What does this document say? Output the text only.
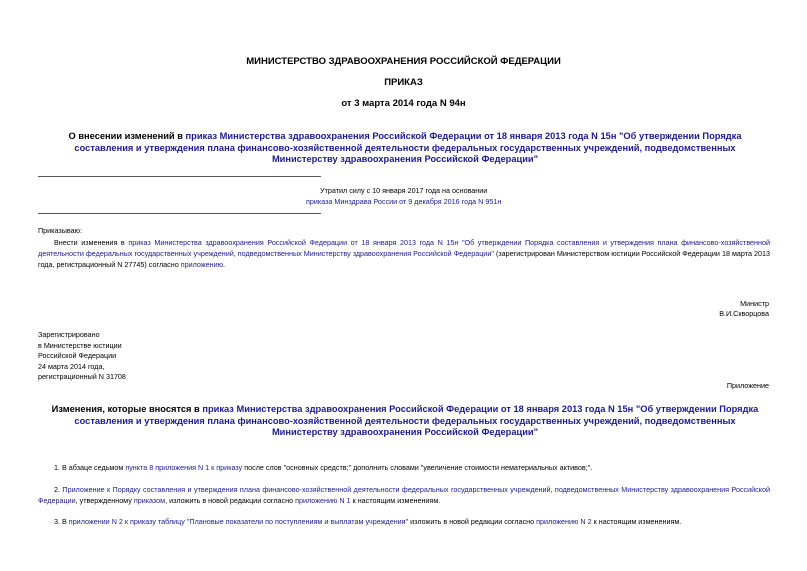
МИНИСТЕРСТВО ЗДРАВООХРАНЕНИЯ РОССИЙСКОЙ ФЕДЕРАЦИИ
ПРИКАЗ
от 3 марта 2014 года N 94н
О внесении изменений в приказ Министерства здравоохранения Российской Федерации от 18 января 2013 года N 15н "Об утверждении Порядка составления и утверждения плана финансово-хозяйственной деятельности федеральных государственных учреждений, подведомственных Министерству здравоохранения Российской Федерации"
Утратил силу с 10 января 2017 года на основании
приказа Минздрава России от 9 декабря 2016 года N 951н
Приказываю:
Внести изменения в приказ Министерства здравоохранения Российской Федерации от 18 января 2013 года N 15н "Об утверждении Порядка составления и утверждения плана финансово-хозяйственной деятельности федеральных государственных учреждений, подведомственных Министерству здравоохранения Российской Федерации" (зарегистрирован Министерством юстиции Российской Федерации 18 марта 2013 года, регистрационный N 27745) согласно приложению.
Министр
В.И.Скворцова
Зарегистрировано
в Министерстве юстиции
Российской Федерации
24 марта 2014 года,
регистрационный N 31708
Приложение
Изменения, которые вносятся в приказ Министерства здравоохранения Российской Федерации от 18 января 2013 года N 15н "Об утверждении Порядка составления и утверждения плана финансово-хозяйственной деятельности федеральных государственных учреждений, подведомственных Министерству здравоохранения Российской Федерации"
1. В абзаце седьмом пункта 8 приложения N 1 к приказу после слов "основных средств;" дополнить словами "увеличение стоимости нематериальных активов;".
2. Приложение к Порядку составления и утверждения плана финансово-хозяйственной деятельности федеральных государственных учреждений, подведомственных Министерству здравоохранения Российской Федерации, утвержденному приказом, изложить в новой редакции согласно приложению N 1 к настоящим изменениям.
3. В приложении N 2 к приказу таблицу "Плановые показатели по поступлениям и выплатам учреждения" изложить в новой редакции согласно приложению N 2 к настоящим изменениям.
